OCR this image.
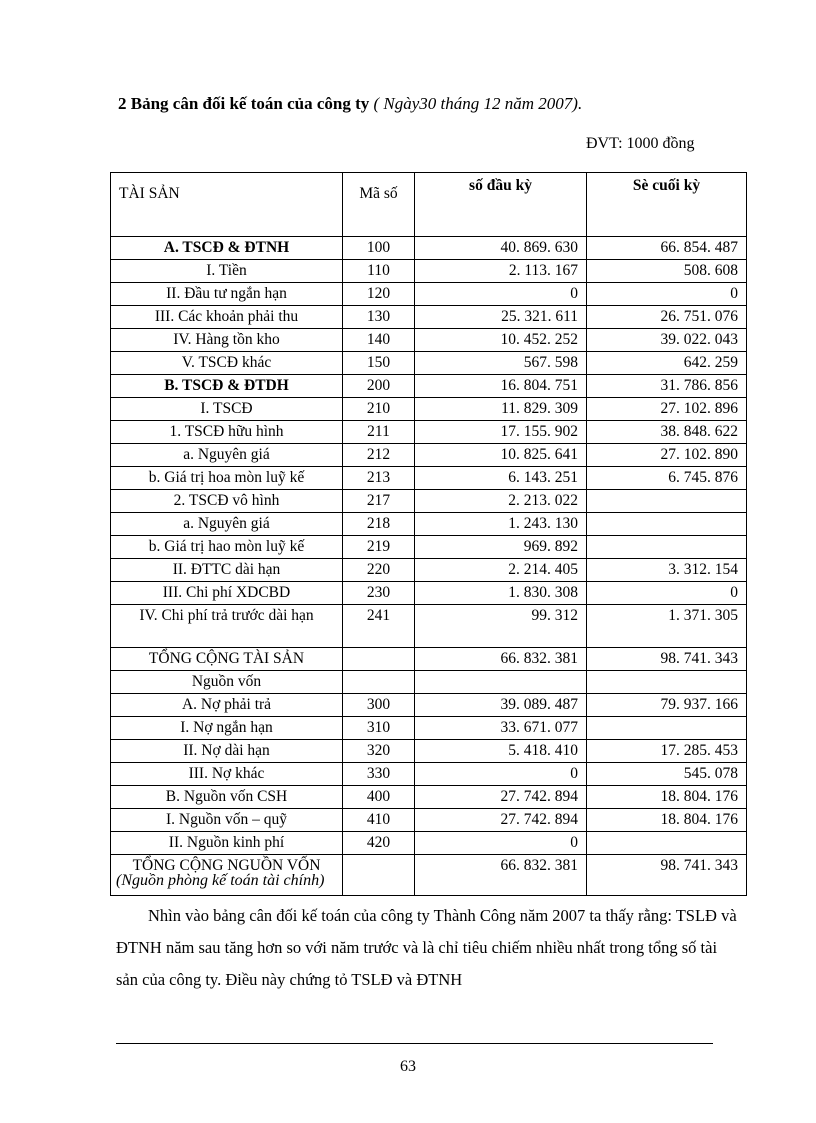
2 Bảng cân đối kế toán của công ty ( Ngày30 tháng 12 năm 2007).
ĐVT: 1000 đồng
TÀI SẢN	Mã số	số đầu kỳ	Sè cuối kỳ
A. TSCĐ & ĐTNH	100	40. 869. 630	66. 854. 487
I. Tiền	110	2. 113. 167	508. 608
II. Đầu tư ngắn hạn	120	0	0
III. Các khoản phải thu	130	25. 321. 611	26. 751. 076
IV. Hàng tồn kho	140	10. 452. 252	39. 022. 043
V. TSCĐ khác	150	567. 598	642. 259
B. TSCĐ & ĐTDH	200	16. 804. 751	31. 786. 856
I. TSCĐ	210	11. 829. 309	27. 102. 896
1. TSCĐ hữu hình	211	17. 155. 902	38. 848. 622
a. Nguyên giá	212	10. 825. 641	27. 102. 890
b. Giá trị hoa mòn luỹ kế	213	6. 143. 251	6. 745. 876
2. TSCĐ vô hình	217	2. 213. 022	
a. Nguyên giá	218	1. 243. 130	
b. Giá trị hao mòn luỹ kế	219	969. 892	
II. ĐTTC dài hạn	220	2. 214. 405	3. 312. 154
III. Chi phí XDCBD	230	1. 830. 308	0
IV. Chi phí trả trước dài hạn	241	99. 312	1. 371. 305
TỔNG CỘNG TÀI SẢN		66. 832. 381	98. 741. 343
Nguồn vốn			
A. Nợ phải trả	300	39. 089. 487	79. 937. 166
I. Nợ ngắn hạn	310	33. 671. 077	
II. Nợ dài hạn	320	5. 418. 410	17. 285. 453
III. Nợ khác	330	0	545. 078
B. Nguồn vốn CSH	400	27. 742. 894	18. 804. 176
I. Nguồn vốn – quỹ	410	27. 742. 894	18. 804. 176
II. Nguồn kinh phí	420	0	
TỔNG CỘNG NGUỒN VỐN		66. 832. 381	98. 741. 343
(Nguồn phòng kế toán tài chính)
Nhìn vào bảng cân đối kế toán của công ty Thành Công năm 2007 ta thấy rằng: TSLĐ và ĐTNH năm sau tăng hơn so với năm trước và là chỉ tiêu chiếm nhiều nhất trong tổng số tài sản của công ty. Điều này chứng tỏ TSLĐ và ĐTNH
63
